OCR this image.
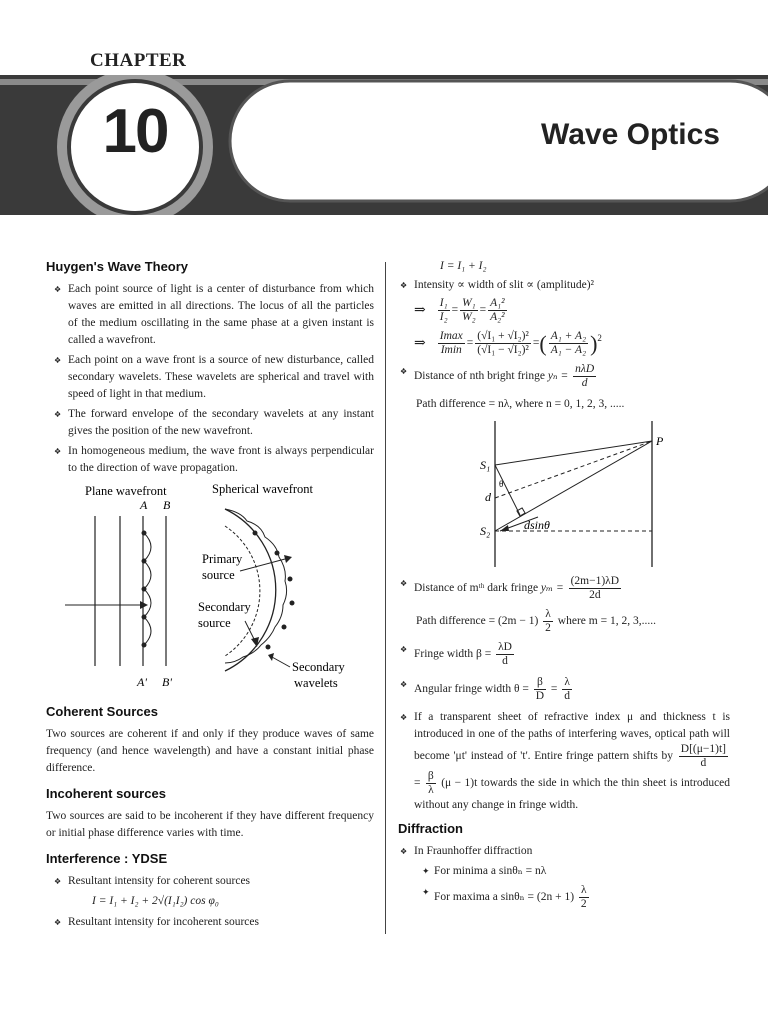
CHAPTER
10	Wave Optics
Huygen's Wave Theory
❖ Each point source of light is a center of disturbance from which waves are emitted in all directions. The locus of all the particles of the medium oscillating in the same phase at a given instant is called a wavefront.
❖ Each point on a wave front is a source of new disturbance, called secondary wavelets. These wavelets are spherical and travel with speed of light in that medium.
❖ The forward envelope of the secondary wavelets at any instant gives the position of the new wavefront.
❖ In homogeneous medium, the wave front is always perpendicular to the direction of wave propagation.
Plane wavefront	Spherical wavefront
A B
A' B'
Primary
source
Secondary
source
Secondary
wavelets
Coherent Sources

Two sources are coherent if and only if they produce waves of same frequency (and hence wavelength) and have a constant initial phase difference.

Incoherent sources

Two sources are said to be incoherent if they have different frequency or initial phase difference varies with time.

Interference : YDSE
❖ Resultant intensity for coherent sources
I = I₁ + I₂ + 2√(I₁I₂) cos φ₀
❖ Resultant intensity for incoherent sources
I = I₁ + I₂
❖ Intensity ∝ width of slit ∝ (amplitude)²
⇒ $\frac{\text{I₁}}{\text{I₂}} = \frac{\text{W₁}}{\text{W₂}} = \frac{\text{A₁²}}{\text{A₂²}}$
⇒ $\frac{Imax}{Imin} = \frac{\text{(√I₁ + √I₂)²}}{\text{(√I₁ − √I₂)²}}$ = ( $\frac{\text{A₁ + A₂}}{\text{A₁ − A₂}} )^2$
❖ Distance of nth bright fringe $y_n = \frac{\text{nλD}}{d}$
Path difference = nλ, where n = 0, 1, 2, 3, .....
P
S₁
S₂
d
θ
dsinθ
❖ Distance of mᵗʰ dark fringe $y_m = \frac{(2m-1)\lambda D}{2d}$
Path difference = $(2m - 1) \frac{\lambda}{2}$ where m = 1, 2, 3,.....
❖ Fringe width $\beta = \frac{\lambda D}{d}$
❖ Angular fringe width $\theta = \frac{\beta}{D} = \frac{\lambda}{d}$
❖ If a transparent sheet of refractive index μ and thickness t is introduced in one of the paths of interfering waves, optical path will become 'μt' instead of 't'. Entire fringe pattern shifts by $\frac{D[(\mu-1)t]}{d}$
= $\frac{\beta}{\lambda} (\mu - 1)t$ towards the side in which the thin sheet is introduced without any change in fringe width.
Diffraction
❖ In Fraunhoffer diffraction
✦ For minima a sinθₙ = nλ
✦ For maxima a $\sin\theta_n = (2n + 1) \frac{\lambda}{2}$
